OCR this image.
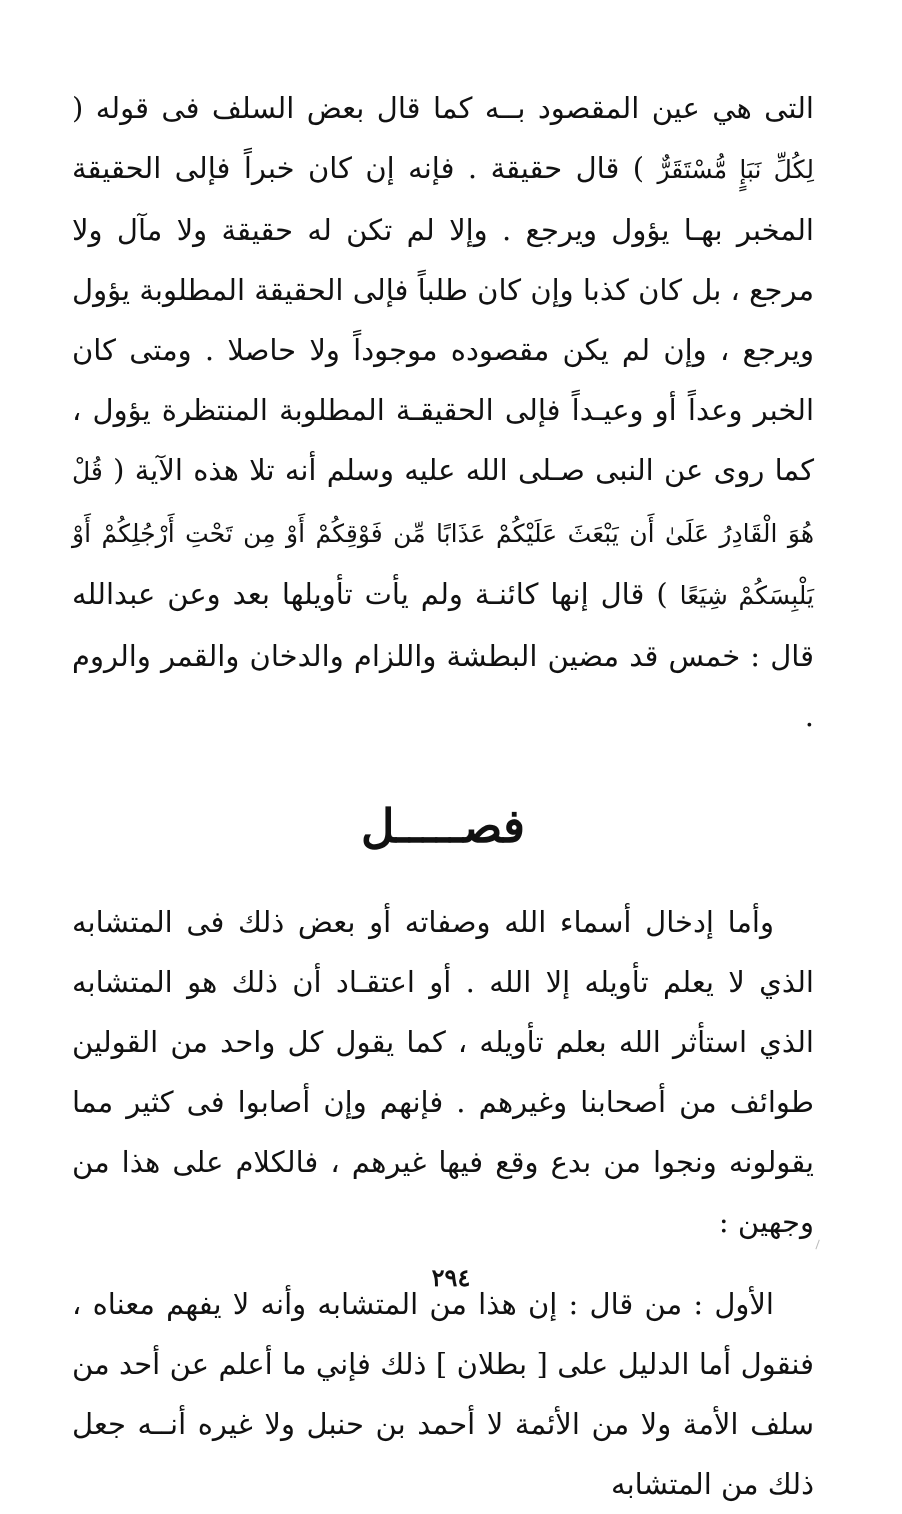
التى هي عين المقصود بــه كما قال بعض السلف فى قوله ( لِكُلِّ نَبَإٍ مُّسْتَقَرٌّ ) قال حقيقة . فإنه إن كان خبراً فإلى الحقيقة المخبر بهـا يؤول ويرجع . وإلا لم تكن له حقيقة ولا مآل ولا مرجع ، بل كان كذبا وإن كان طلباً فإلى الحقيقة المطلوبة يؤول ويرجع ، وإن لم يكن مقصوده موجوداً ولا حاصلا . ومتى كان الخبر وعداً أو وعيـداً فإلى الحقيقـة المطلوبة المنتظرة يؤول ، كما روى عن النبى صـلى الله عليه وسلم أنه تلا هذه الآية ( قُلْ هُوَ الْقَادِرُ عَلَىٰ أَن يَبْعَثَ عَلَيْكُمْ عَذَابًا مِّن فَوْقِكُمْ أَوْ مِن تَحْتِ أَرْجُلِكُمْ أَوْ يَلْبِسَكُمْ شِيَعًا ) قال إنها كائنـة ولم يأت تأويلها بعد وعن عبدالله قال : خمس قد مضين البطشة واللزام والدخان والقمر والروم .

فصـــــل

وأما إدخال أسماء الله وصفاته أو بعض ذلك فى المتشابه الذي لا يعلم تأويله إلا الله . أو اعتقـاد أن ذلك هو المتشابه الذي استأثر الله بعلم تأويله ، كما يقول كل واحد من القولين طوائف من أصحابنا وغيرهم . فإنهم وإن أصابوا فى كثير مما يقولونه ونجوا من بدع وقع فيها غيرهم ، فالكلام على هذا من وجهين :

الأول : من قال : إن هذا من المتشابه وأنه لا يفهم معناه ، فنقول أما الدليل على [ بطلان ] ذلك فإني ما أعلم عن أحد من سلف الأمة ولا من الأئمة لا أحمد بن حنبل ولا غيره أنــه جعل ذلك من المتشابه

٢٩٤
